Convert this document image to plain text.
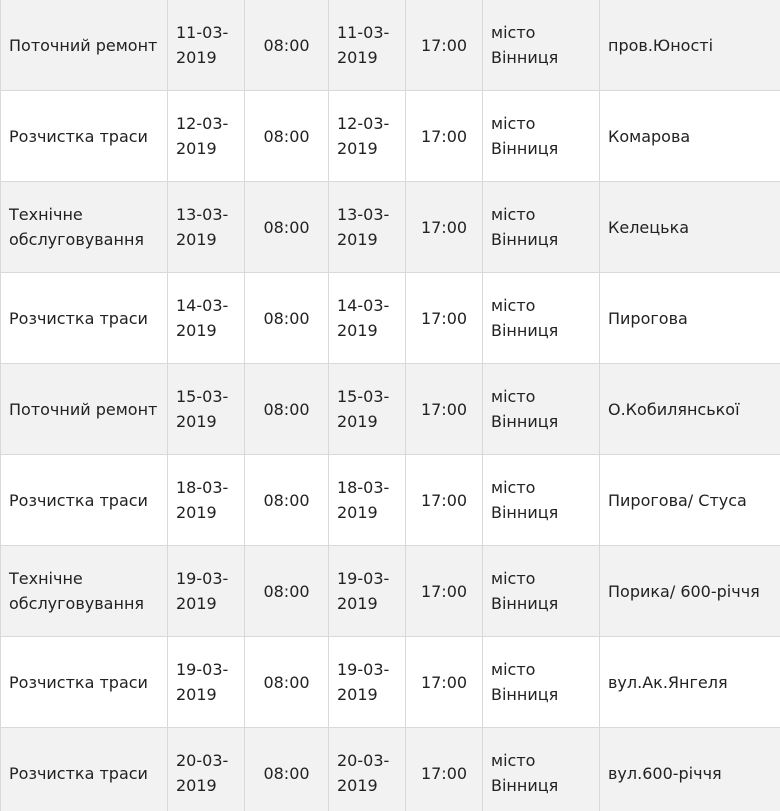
Поточний ремонт	11-03-2019	08:00	11-03-2019	17:00	місто Вінниця	пров.Юності
Розчистка траси	12-03-2019	08:00	12-03-2019	17:00	місто Вінниця	Комарова
Технічне обслуговування	13-03-2019	08:00	13-03-2019	17:00	місто Вінниця	Келецька
Розчистка траси	14-03-2019	08:00	14-03-2019	17:00	місто Вінниця	Пирогова
Поточний ремонт	15-03-2019	08:00	15-03-2019	17:00	місто Вінниця	О.Кобилянської
Розчистка траси	18-03-2019	08:00	18-03-2019	17:00	місто Вінниця	Пирогова/ Стуса
Технічне обслуговування	19-03-2019	08:00	19-03-2019	17:00	місто Вінниця	Порика/ 600-річчя
Розчистка траси	19-03-2019	08:00	19-03-2019	17:00	місто Вінниця	вул.Ак.Янгеля
Розчистка траси	20-03-2019	08:00	20-03-2019	17:00	місто Вінниця	вул.600-річчя
